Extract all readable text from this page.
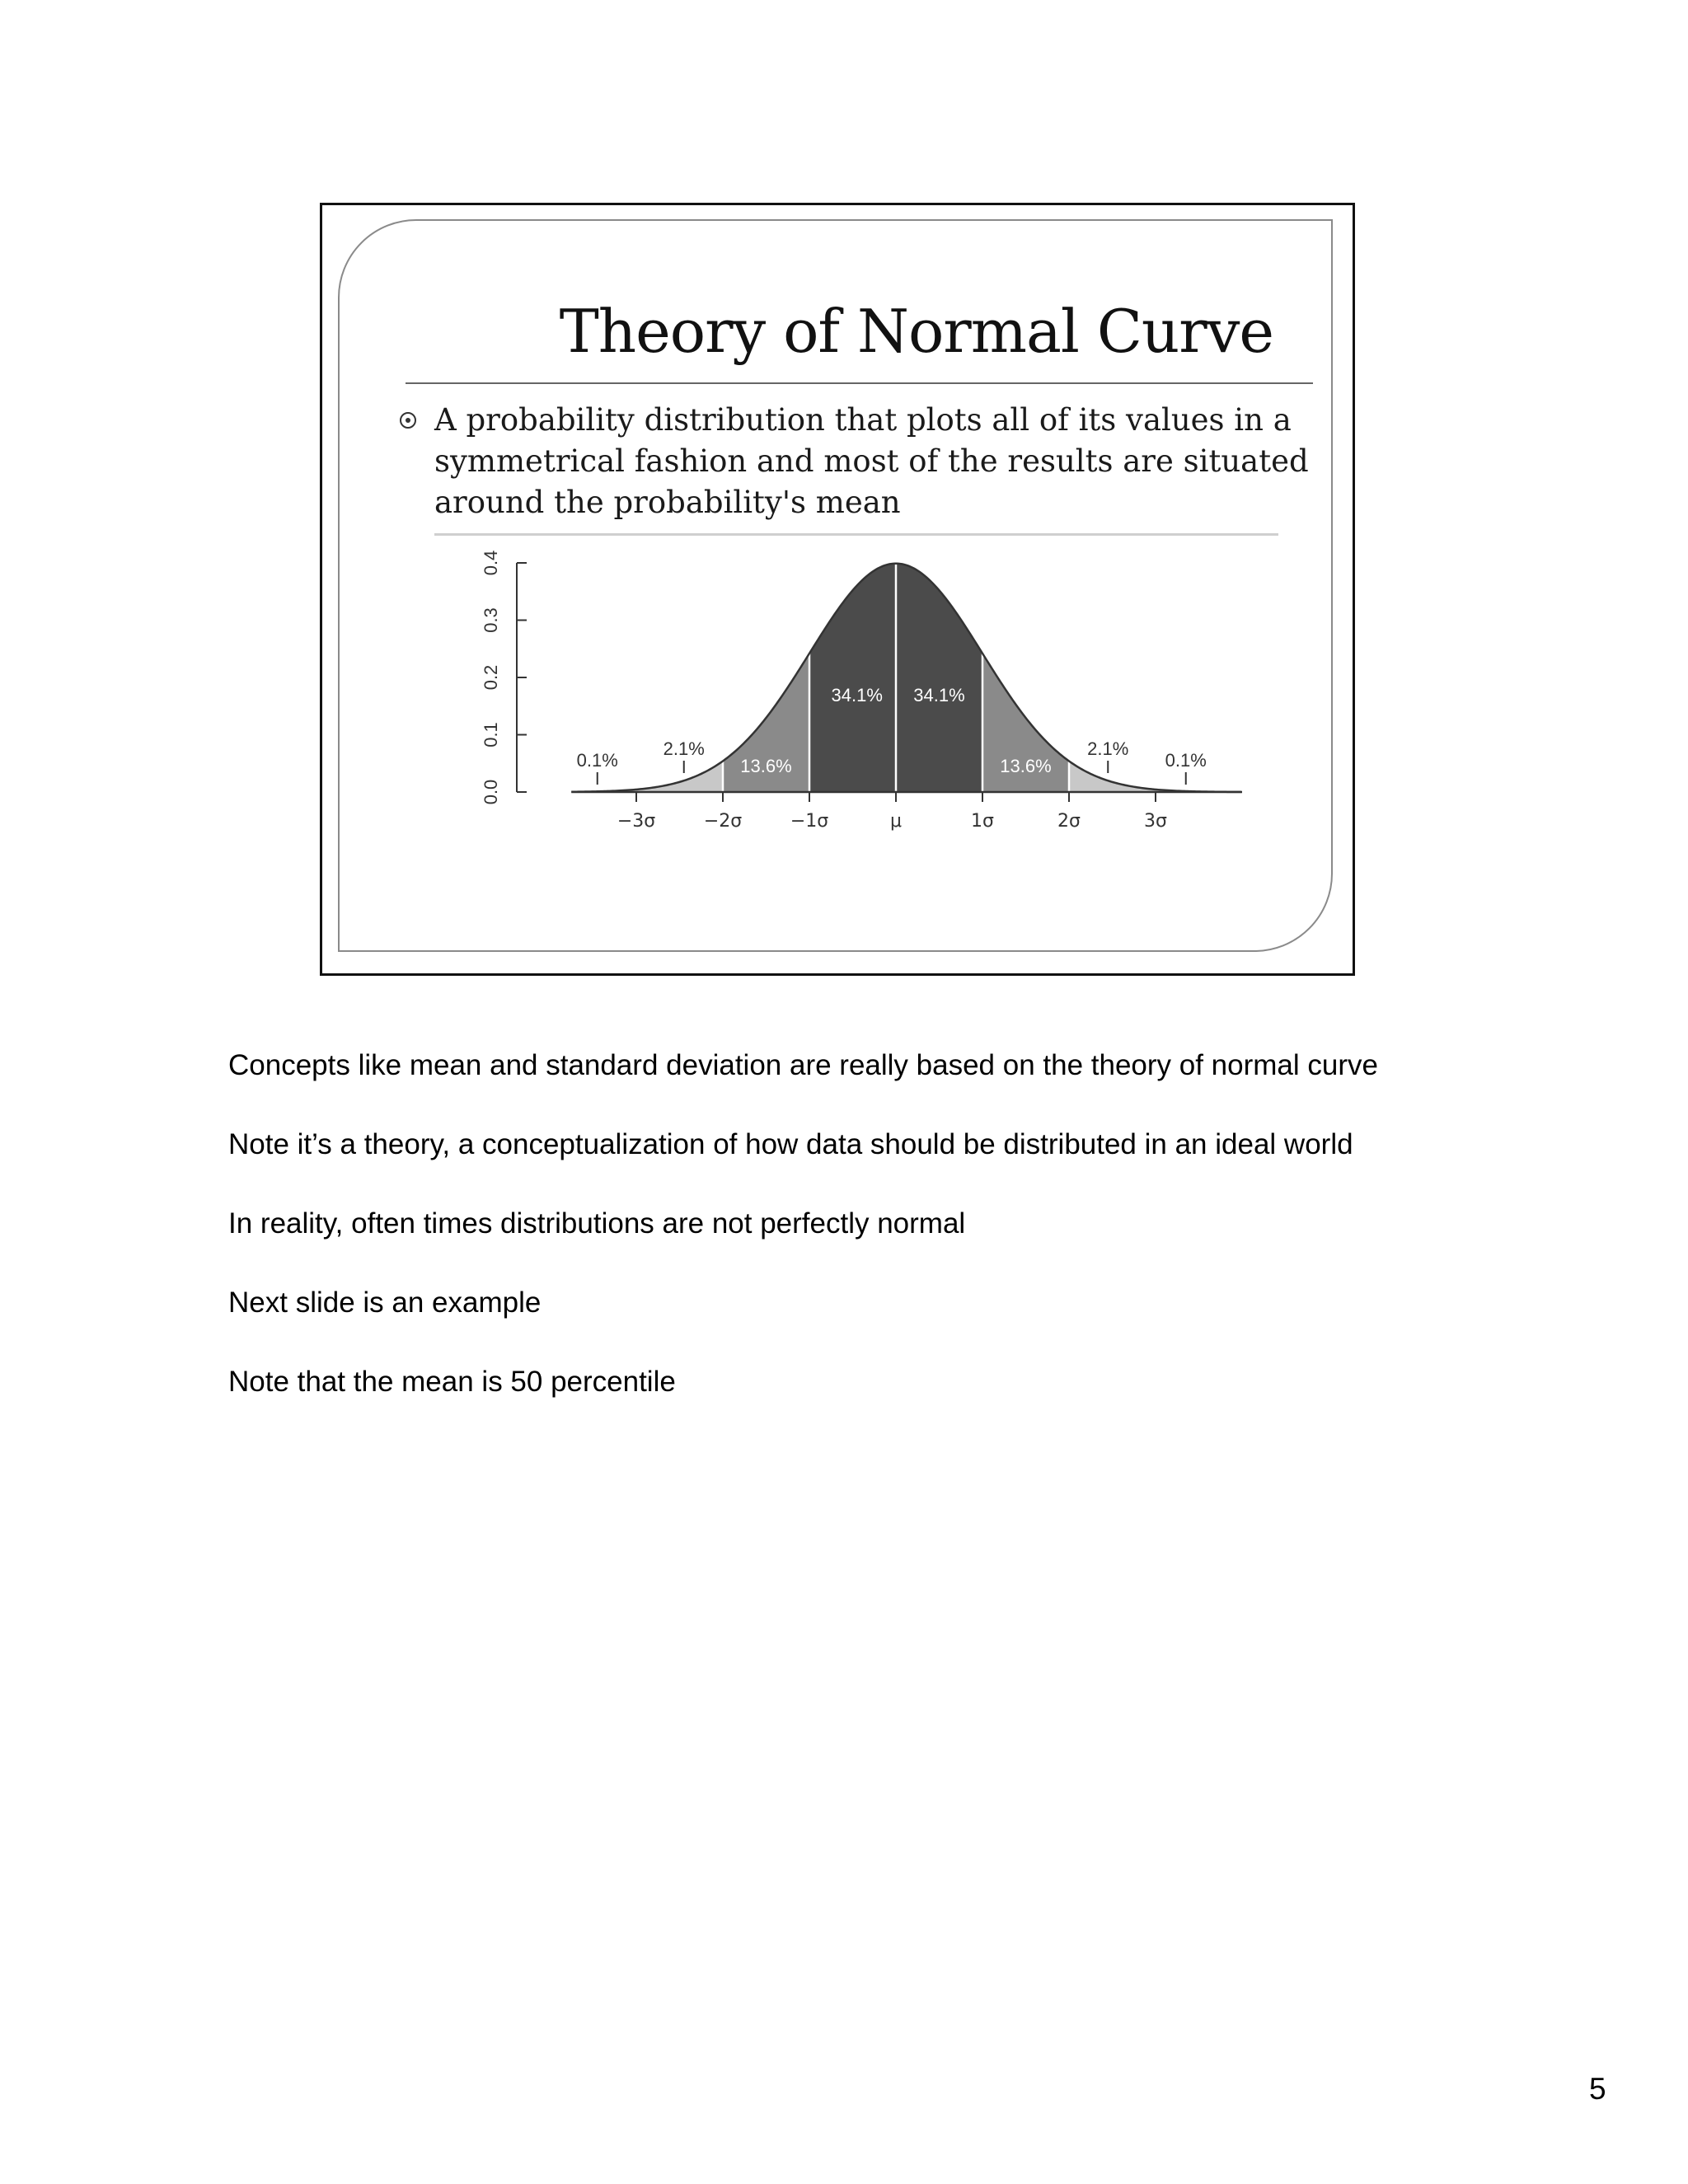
Theory of Normal Curve
A probability distribution that plots all of its values in a symmetrical fashion and most of the results are situated around the probability's mean
0.0
0.1
0.2
0.3
0.4
−3σ	−2σ	−1σ	μ	1σ	2σ	3σ
0.1%
2.1%
13.6%
34.1% 34.1%
13.6%
2.1%
0.1%

Concepts like mean and standard deviation are really based on the theory of normal curve

Note it’s a theory, a conceptualization of how data should be distributed in an ideal world

In reality, often times distributions are not perfectly normal

Next slide is an example

Note that the mean is 50 percentile

5
